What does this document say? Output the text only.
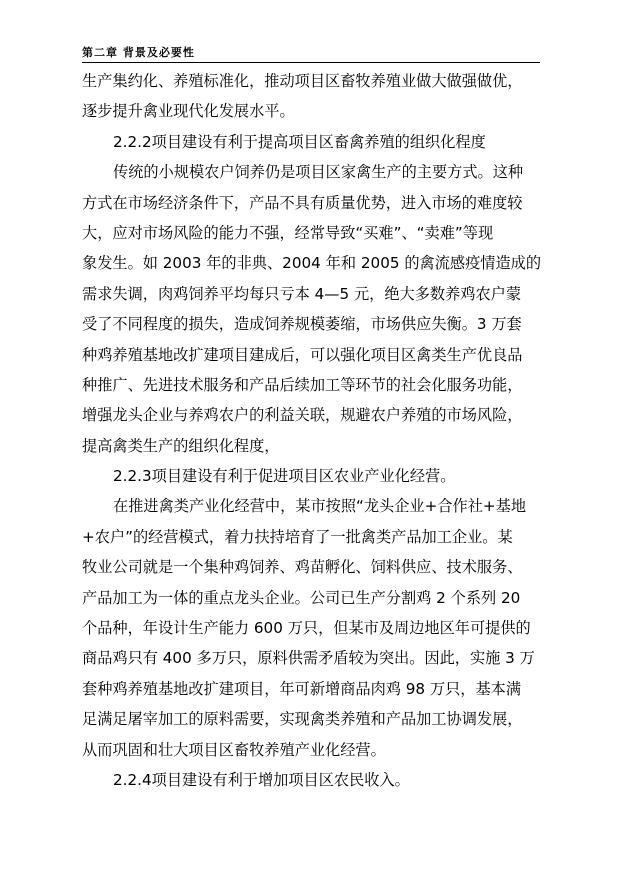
第二章 背景及必要性
生产集约化、养殖标准化，推动项目区畜牧养殖业做大做强做优，
逐步提升禽业现代化发展水平。
2.2.2项目建设有利于提高项目区畜禽养殖的组织化程度
传统的小规模农户饲养仍是项目区家禽生产的主要方式。这种
方式在市场经济条件下，产品不具有质量优势，进入市场的难度较
大，应对市场风险的能力不强，经常导致“买难”、“卖难”等现
象发生。如 2003 年的非典、2004 年和 2005 的禽流感疫情造成的
需求失调，肉鸡饲养平均每只亏本 4—5 元，绝大多数养鸡农户蒙
受了不同程度的损失，造成饲养规模萎缩，市场供应失衡。3 万套
种鸡养殖基地改扩建项目建成后，可以强化项目区禽类生产优良品
种推广、先进技术服务和产品后续加工等环节的社会化服务功能，
增强龙头企业与养鸡农户的利益关联，规避农户养殖的市场风险，
提高禽类生产的组织化程度，
2.2.3项目建设有利于促进项目区农业产业化经营。
在推进禽类产业化经营中，某市按照“龙头企业+合作社+基地
+农户”的经营模式，着力扶持培育了一批禽类产品加工企业。某
牧业公司就是一个集种鸡饲养、鸡苗孵化、饲料供应、技术服务、
产品加工为一体的重点龙头企业。公司已生产分割鸡 2 个系列 20
个品种，年设计生产能力 600 万只，但某市及周边地区年可提供的
商品鸡只有 400 多万只，原料供需矛盾较为突出。因此，实施 3 万
套种鸡养殖基地改扩建项目，年可新增商品肉鸡 98 万只，基本满
足满足屠宰加工的原料需要，实现禽类养殖和产品加工协调发展，
从而巩固和壮大项目区畜牧养殖产业化经营。
2.2.4项目建设有利于增加项目区农民收入。
